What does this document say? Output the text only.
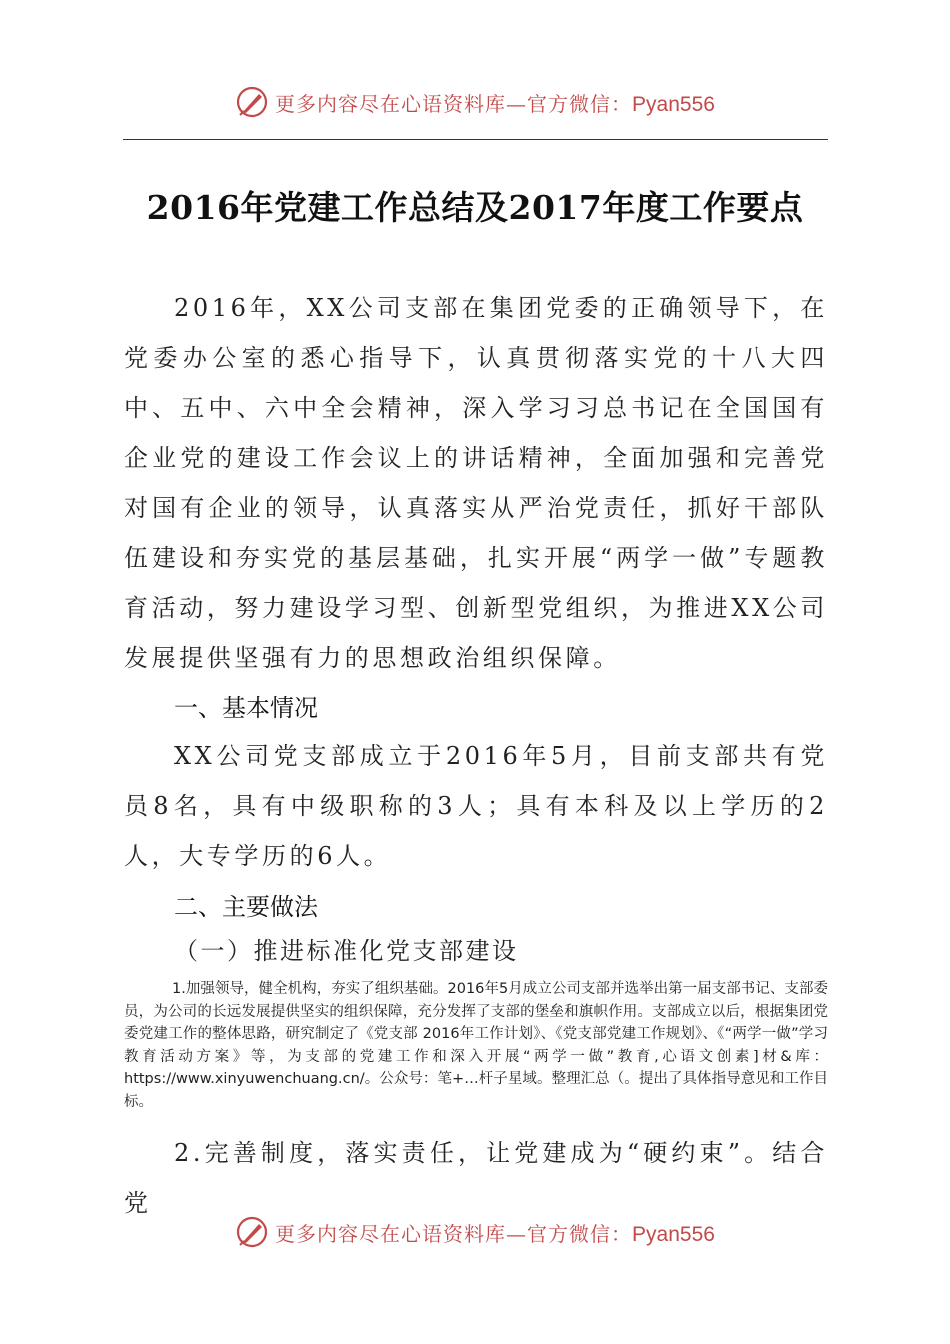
更多内容尽在心语资料库—官方微信：Pyan556
2016年党建工作总结及2017年度工作要点
2016年，XX公司支部在集团党委的正确领导下，在党委办公室的悉心指导下，认真贯彻落实党的十八大四中、五中、六中全会精神，深入学习习总书记在全国国有企业党的建设工作会议上的讲话精神，全面加强和完善党对国有企业的领导，认真落实从严治党责任，抓好干部队伍建设和夯实党的基层基础，扎实开展“两学一做”专题教育活动，努力建设学习型、创新型党组织，为推进XX公司发展提供坚强有力的思想政治组织保障。
一、基本情况
XX公司党支部成立于2016年5月，目前支部共有党员8名，具有中级职称的3人；具有本科及以上学历的2人，大专学历的6人。
二、主要做法
（一）推进标准化党支部建设
1.加强领导，健全机构，夯实了组织基础。2016年5月成立公司支部并选举出第一届支部书记、支部委员，为公司的长远发展提供坚实的组织保障，充分发挥了支部的堡垒和旗帜作用。支部成立以后，根据集团党委党建工作的整体思路，研究制定了《党支部 2016年工作计划》、《党支部党建工作规划》、《“两学一做”学习教育活动方案》等，为支部的党建工作和深入开展“两学一做”教育,心语文创素]材&库：https://www.xinyuwenchuang.cn/。公众号：笔+…杆子星域。整理汇总（。提出了具体指导意见和工作目标。
2.完善制度，落实责任，让党建成为“硬约束”。结合党
更多内容尽在心语资料库—官方微信：Pyan556
